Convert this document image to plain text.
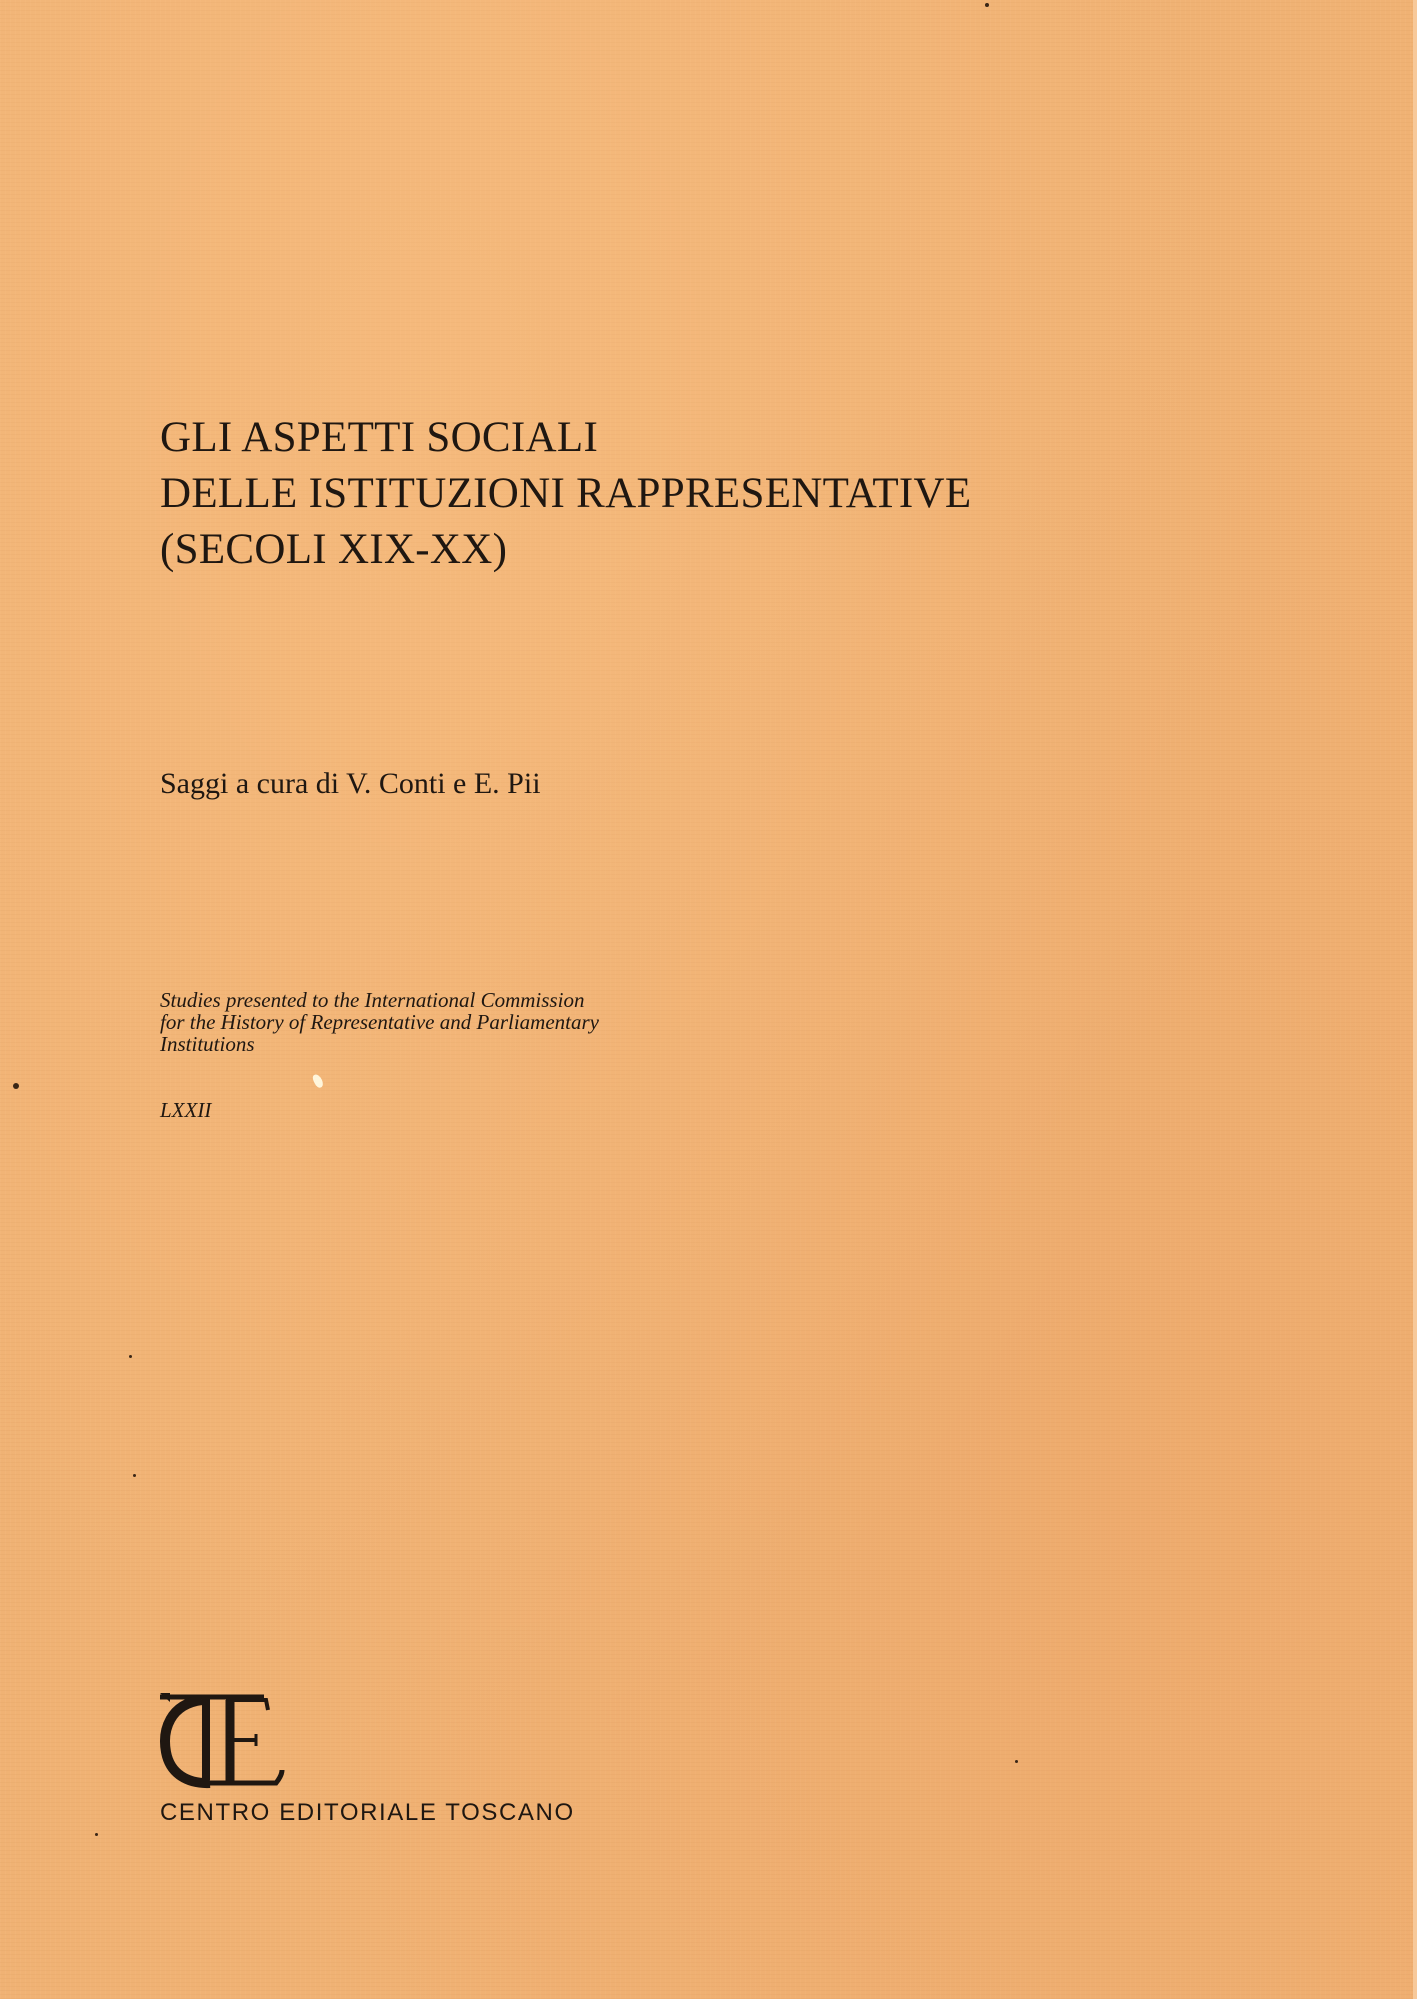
GLI ASPETTI SOCIALI
DELLE ISTITUZIONI RAPPRESENTATIVE
(SECOLI XIX-XX)

Saggi a cura di V. Conti e E. Pii

Studies presented to the International Commission
for the History of Representative and Parliamentary
Institutions

LXXII

CENTRO EDITORIALE TOSCANO
